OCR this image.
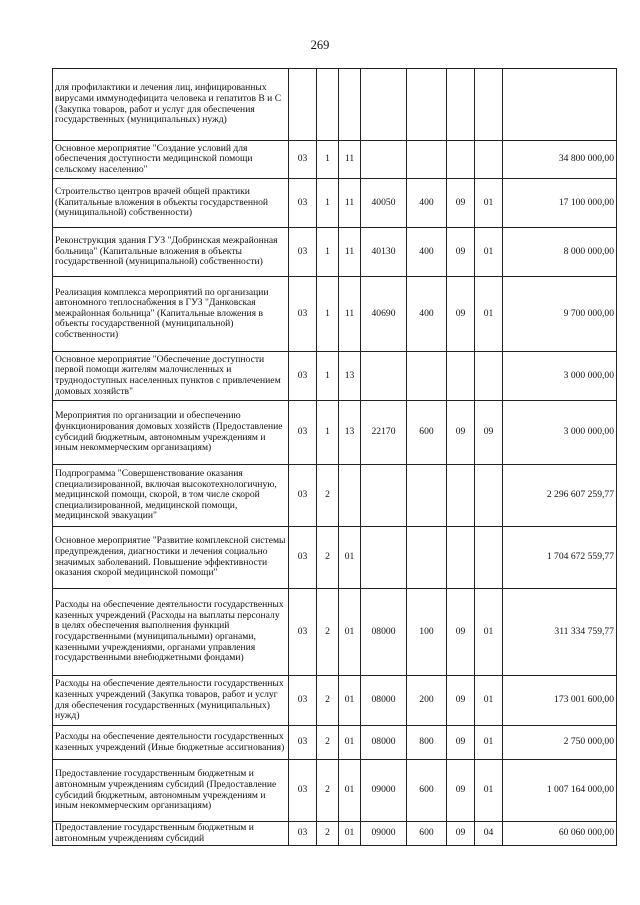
269
для профилактики и лечения лиц, инфицированных вирусами иммунодефицита человека и гепатитов В и С (Закупка товаров, работ и услуг для обеспечения государственных (муниципальных) нужд)								
Основное мероприятие "Создание условий для обеспечения доступности медицинской помощи сельскому населению"	03	1	11					34 800 000,00
Строительство центров врачей общей практики (Капитальные вложения в объекты государственной (муниципальной) собственности)	03	1	11	40050	400	09	01	17 100 000,00
Реконструкция здания ГУЗ "Добринская межрайонная больница" (Капитальные вложения в объекты государственной (муниципальной) собственности)	03	1	11	40130	400	09	01	8 000 000,00
Реализация комплекса мероприятий по организации автономного теплоснабжения в ГУЗ "Данковская межрайонная больница" (Капитальные вложения в объекты государственной (муниципальной) собственности)	03	1	11	40690	400	09	01	9 700 000,00
Основное мероприятие "Обеспечение доступности первой помощи жителям малочисленных и труднодоступных населенных пунктов с привлечением домовых хозяйств"	03	1	13					3 000 000,00
Мероприятия по организации и обеспечению функционирования домовых хозяйств (Предоставление субсидий бюджетным, автономным учреждениям и иным некоммерческим организациям)	03	1	13	22170	600	09	09	3 000 000,00
Подпрограмма "Совершенствование оказания специализированной, включая высокотехнологичную, медицинской помощи, скорой, в том числе скорой специализированной, медицинской помощи, медицинской эвакуации"	03	2						2 296 607 259,77
Основное мероприятие "Развитие комплексной системы предупреждения, диагностики и лечения социально значимых заболеваний. Повышение эффективности оказания скорой медицинской помощи"	03	2	01					1 704 672 559,77
Расходы на обеспечение деятельности государственных казенных учреждений (Расходы на выплаты персоналу в целях обеспечения выполнения функций государственными (муниципальными) органами, казенными учреждениями, органами управления государственными внебюджетными фондами)	03	2	01	08000	100	09	01	311 334 759,77
Расходы на обеспечение деятельности государственных казенных учреждений (Закупка товаров, работ и услуг для обеспечения государственных (муниципальных) нужд)	03	2	01	08000	200	09	01	173 001 600,00
Расходы на обеспечение деятельности государственных казенных учреждений (Иные бюджетные ассигнования)	03	2	01	08000	800	09	01	2 750 000,00
Предоставление государственным бюджетным и автономным учреждениям субсидий (Предоставление субсидий бюджетным, автономным учреждениям и иным некоммерческим организациям)	03	2	01	09000	600	09	01	1 007 164 000,00
Предоставление государственным бюджетным и автономным учреждениям субсидий	03	2	01	09000	600	09	04	60 060 000,00
